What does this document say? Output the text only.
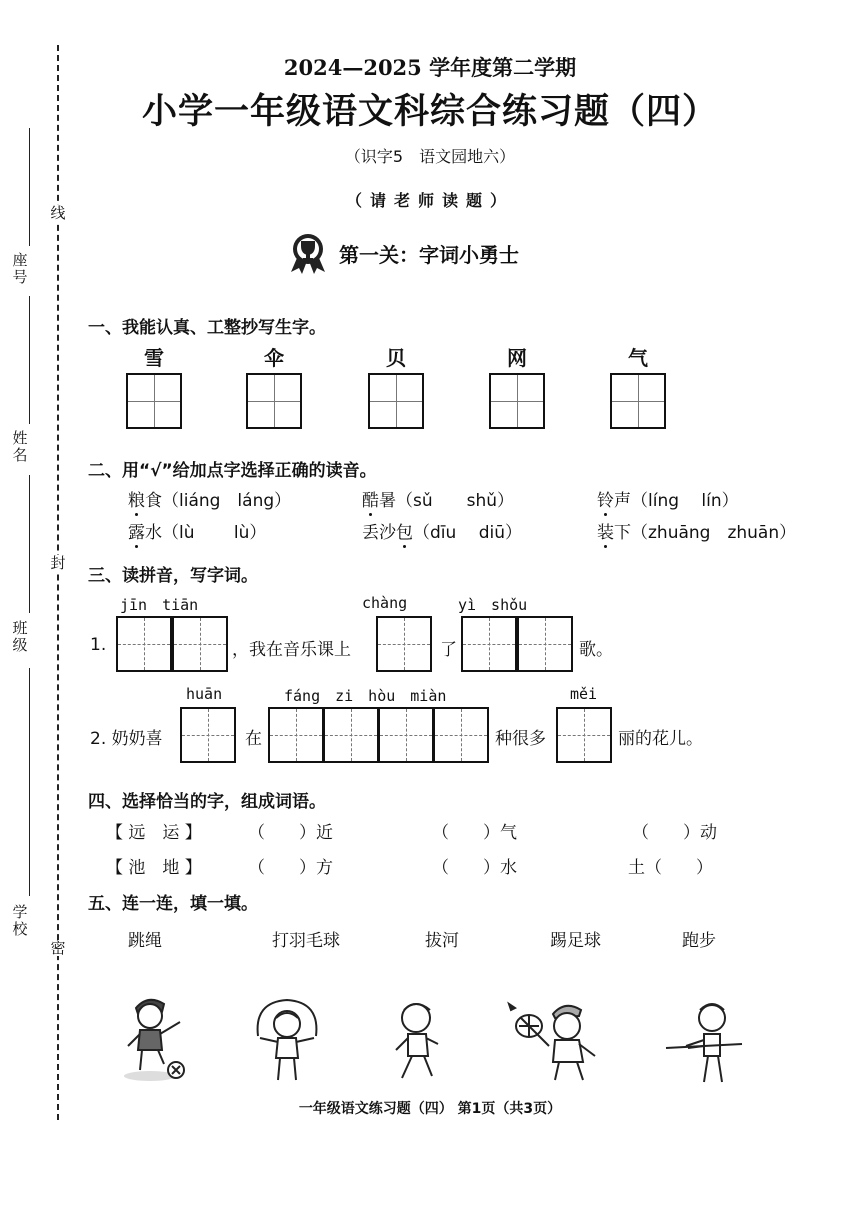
线
封
密
座号
姓名
班级
学校
2024—2025 学年度第二学期
小学一年级语文科综合练习题（四）
（识字5　语文园地六）
（请老师读题）
第一关：字词小勇士
一、我能认真、工整抄写生字。
雪	伞	贝	网	气
二、用“√”给加点字选择正确的读音。
粮食（liáng　láng）	酷暑（sǔ　　shǔ）	铃声（líng　 lín）
露水（lù　　 lù）	丢沙包（dīu　 diū）	装下（zhuāng　zhuān）
三、读拼音，写字词。
jīn　tiān	chàng	yì　shǒu
1.	，我在音乐课上	了	歌。
huān	fáng　zi　hòu　miàn	měi
2. 奶奶喜	在	种很多	丽的花儿。
四、选择恰当的字，组成词语。
【 远　运 】	（　　）近	（　　）气	（　　）动
【 池　地 】	（　　）方	（　　）水	土（　　）
五、连一连，填一填。
跳绳	打羽毛球	拔河	踢足球	跑步
一年级语文练习题（四） 第1页（共3页）
